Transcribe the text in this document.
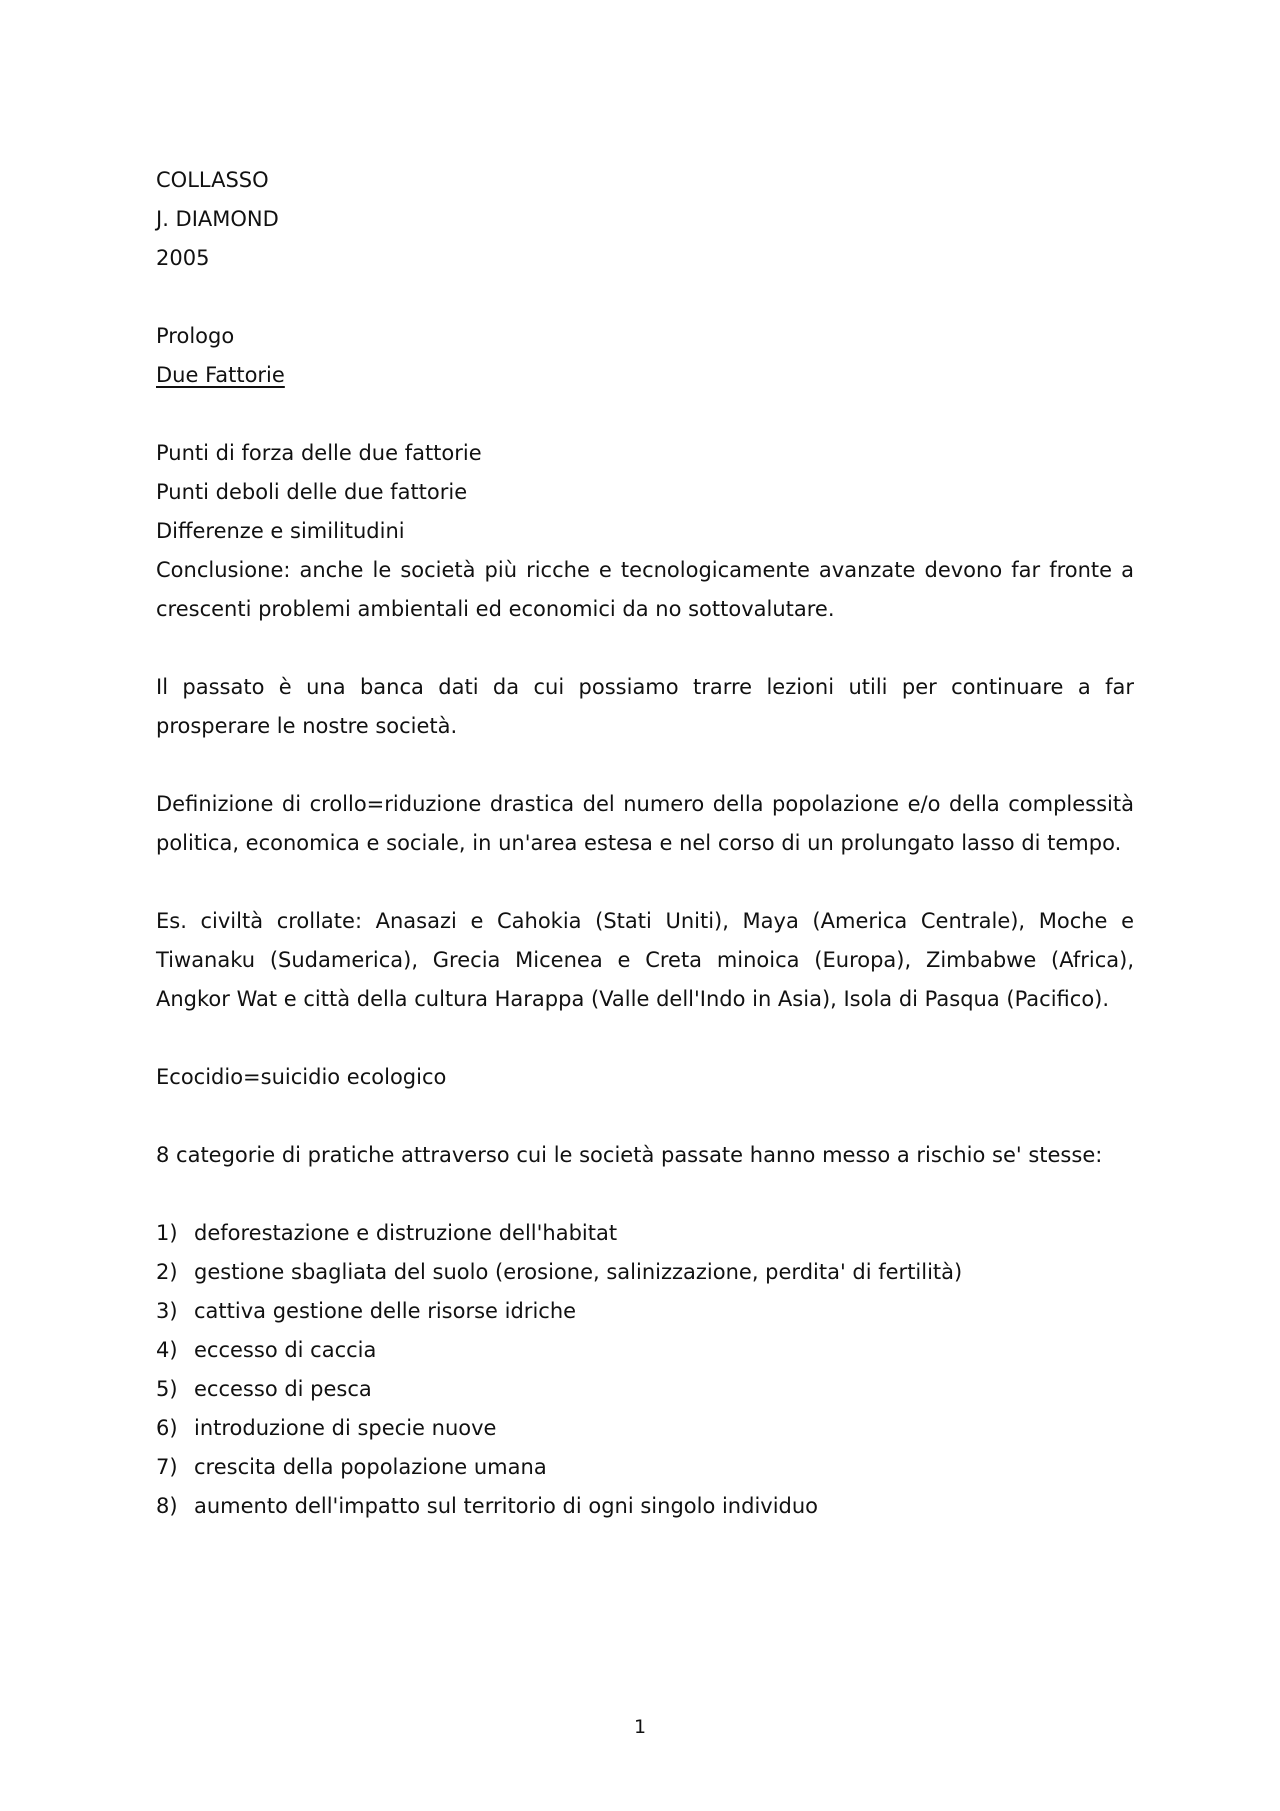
COLLASSO

J. DIAMOND

2005

Prologo

Due Fattorie

Punti di forza delle due fattorie

Punti deboli delle due fattorie

Differenze e similitudini

Conclusione: anche le società più ricche e tecnologicamente avanzate devono far fronte a crescenti problemi ambientali ed economici da no sottovalutare.

Il passato è una banca dati da cui possiamo trarre lezioni utili per continuare a far prosperare le nostre società.

Definizione di crollo=riduzione drastica del numero della popolazione e/o della complessità politica, economica e sociale, in un'area estesa e nel corso di un prolungato lasso di tempo.

Es. civiltà crollate: Anasazi e Cahokia (Stati Uniti), Maya (America Centrale), Moche e Tiwanaku (Sudamerica), Grecia Micenea e Creta minoica (Europa), Zimbabwe (Africa), Angkor Wat e città della cultura Harappa (Valle dell'Indo in Asia), Isola di Pasqua (Pacifico).

Ecocidio=suicidio ecologico

8 categorie di pratiche attraverso cui le società passate hanno messo a rischio se' stesse:

1) deforestazione e distruzione dell'habitat
2) gestione sbagliata del suolo (erosione, salinizzazione, perdita' di fertilità)
3) cattiva gestione delle risorse idriche
4) eccesso di caccia
5) eccesso di pesca
6) introduzione di specie nuove
7) crescita della popolazione umana
8) aumento dell'impatto sul territorio di ogni singolo individuo
1
